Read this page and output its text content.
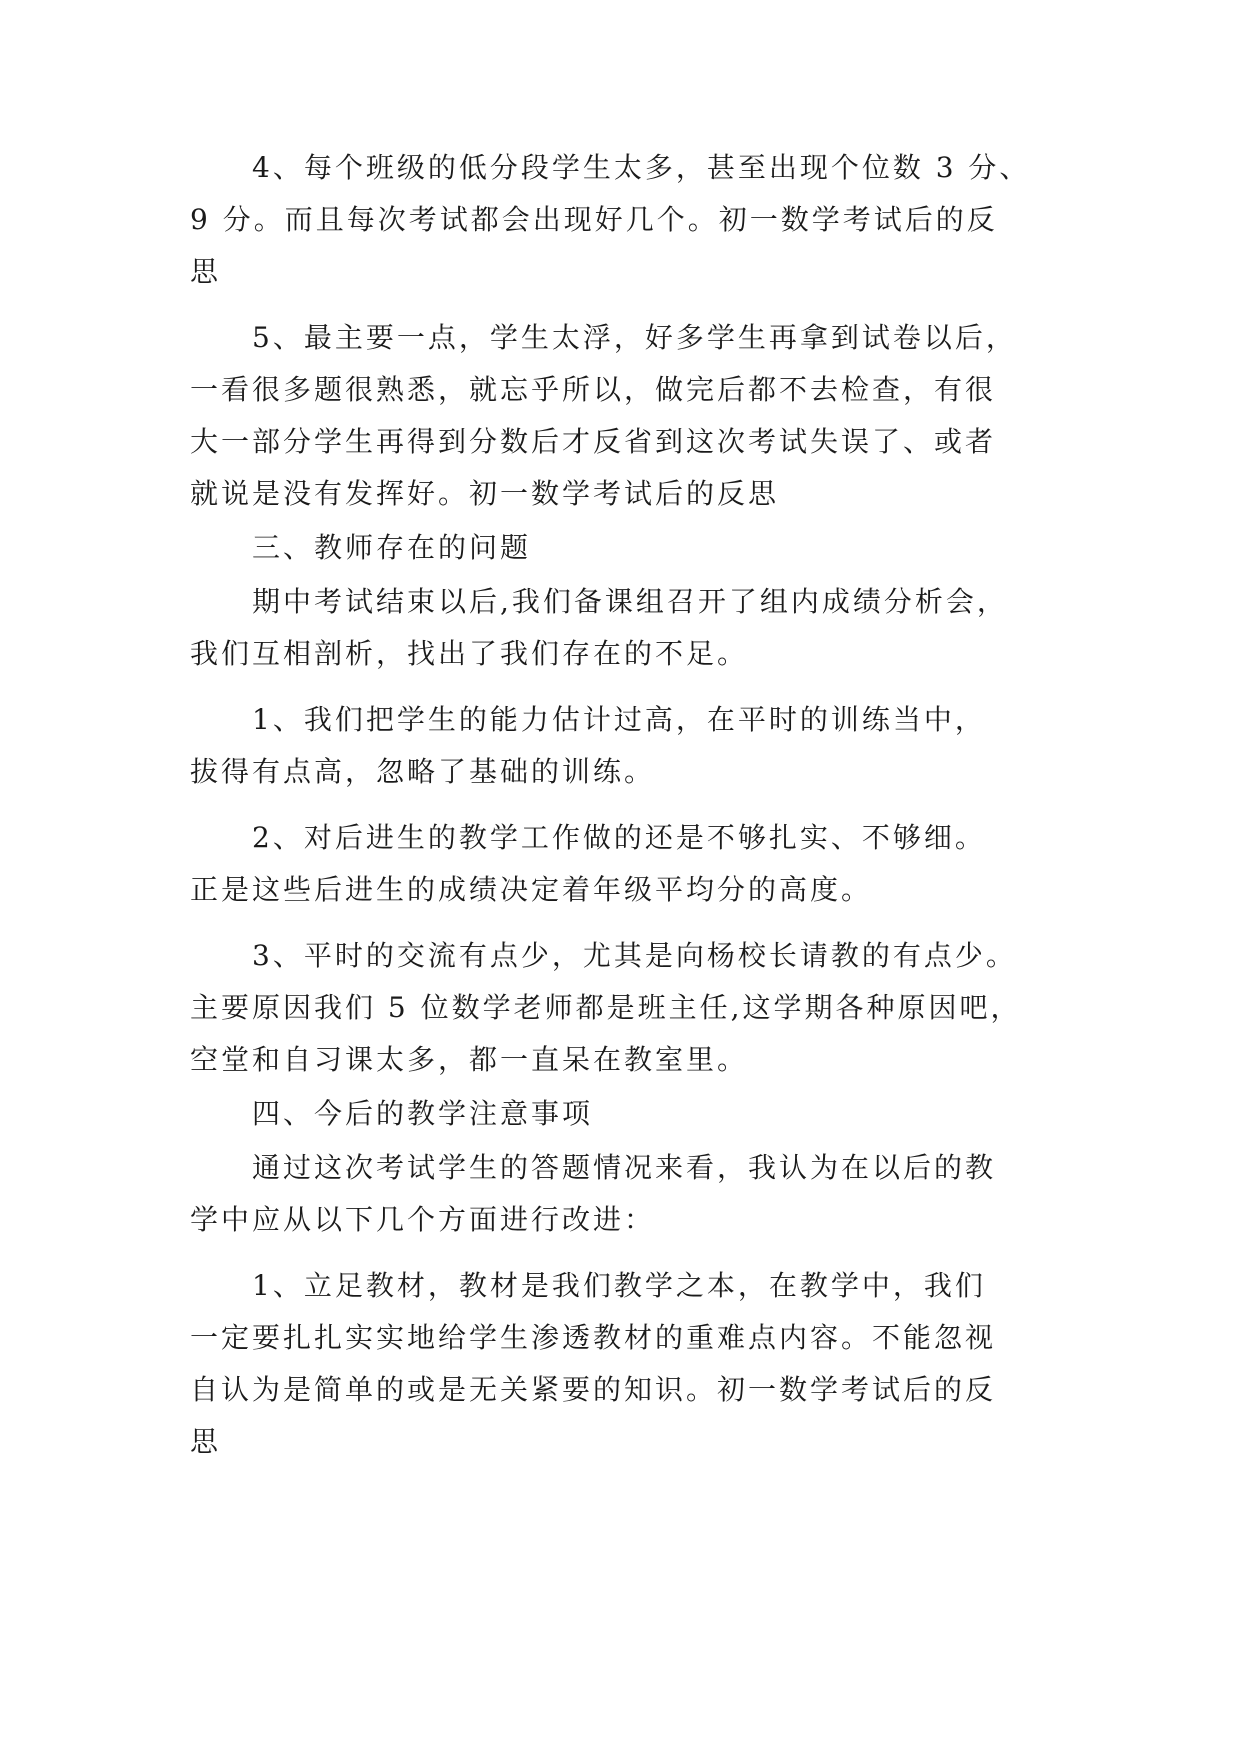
4、每个班级的低分段学生太多，甚至出现个位数 3 分、
9 分。而且每次考试都会出现好几个。初一数学考试后的反
思
5、最主要一点，学生太浮，好多学生再拿到试卷以后，
一看很多题很熟悉，就忘乎所以，做完后都不去检查，有很
大一部分学生再得到分数后才反省到这次考试失误了、或者
就说是没有发挥好。初一数学考试后的反思
三、教师存在的问题
期中考试结束以后,我们备课组召开了组内成绩分析会，
我们互相剖析，找出了我们存在的不足。
1、我们把学生的能力估计过高，在平时的训练当中，
拔得有点高，忽略了基础的训练。
2、对后进生的教学工作做的还是不够扎实、不够细。
正是这些后进生的成绩决定着年级平均分的高度。
3、平时的交流有点少，尤其是向杨校长请教的有点少。
主要原因我们 5 位数学老师都是班主任,这学期各种原因吧，
空堂和自习课太多，都一直呆在教室里。
四、今后的教学注意事项
通过这次考试学生的答题情况来看，我认为在以后的教
学中应从以下几个方面进行改进：
1、立足教材，教材是我们教学之本，在教学中，我们
一定要扎扎实实地给学生渗透教材的重难点内容。不能忽视
自认为是简单的或是无关紧要的知识。初一数学考试后的反
思
